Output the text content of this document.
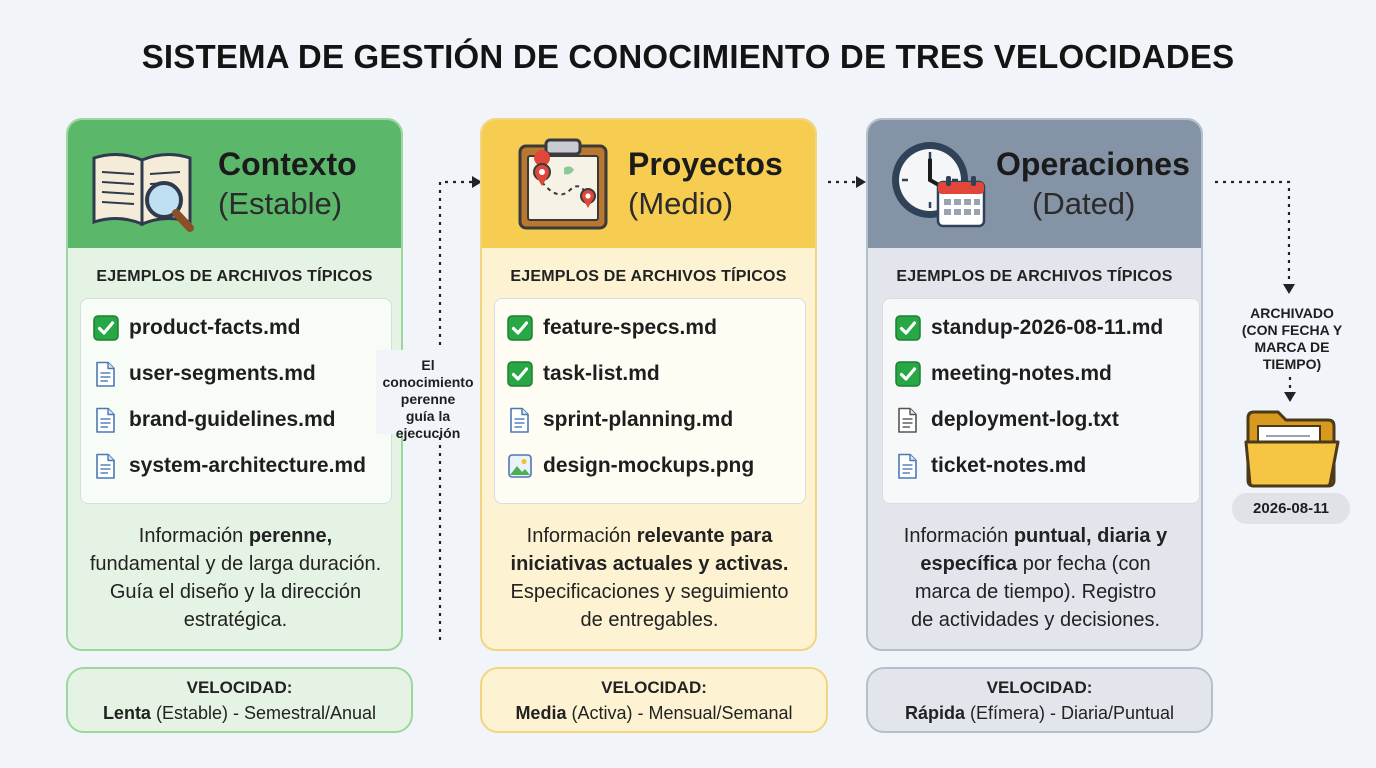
SISTEMA DE GESTIÓN DE CONOCIMIENTO DE TRES VELOCIDADES
Contexto
(Estable)
EJEMPLOS DE ARCHIVOS TÍPICOS
product-facts.md
user-segments.md
brand-guidelines.md
system-architecture.md
Información perenne,
fundamental y de larga duración.
Guía el diseño y la dirección
estratégica.
Proyectos
(Medio)
EJEMPLOS DE ARCHIVOS TÍPICOS
feature-specs.md
task-list.md
sprint-planning.md
design-mockups.png
Información relevante para
iniciativas actuales y activas.
Especificaciones y seguimiento
de entregables.
Operaciones
(Dated)
EJEMPLOS DE ARCHIVOS TÍPICOS
standup-2026-08-11.md
meeting-notes.md
deployment-log.txt
ticket-notes.md
Información puntual, diaria y
específica por fecha (con
marca de tiempo). Registro
de actividades y decisiones.
VELOCIDAD:
Lenta (Estable) - Semestral/Anual
VELOCIDAD:
Media (Activa) - Mensual/Semanal
VELOCIDAD:
Rápida (Efímera) - Diaria/Puntual
El conocimiento
perenne
guía la
ejecución
ARCHIVADO
(CON FECHA Y
MARCA DE
TIEMPO)
2026-08-11
